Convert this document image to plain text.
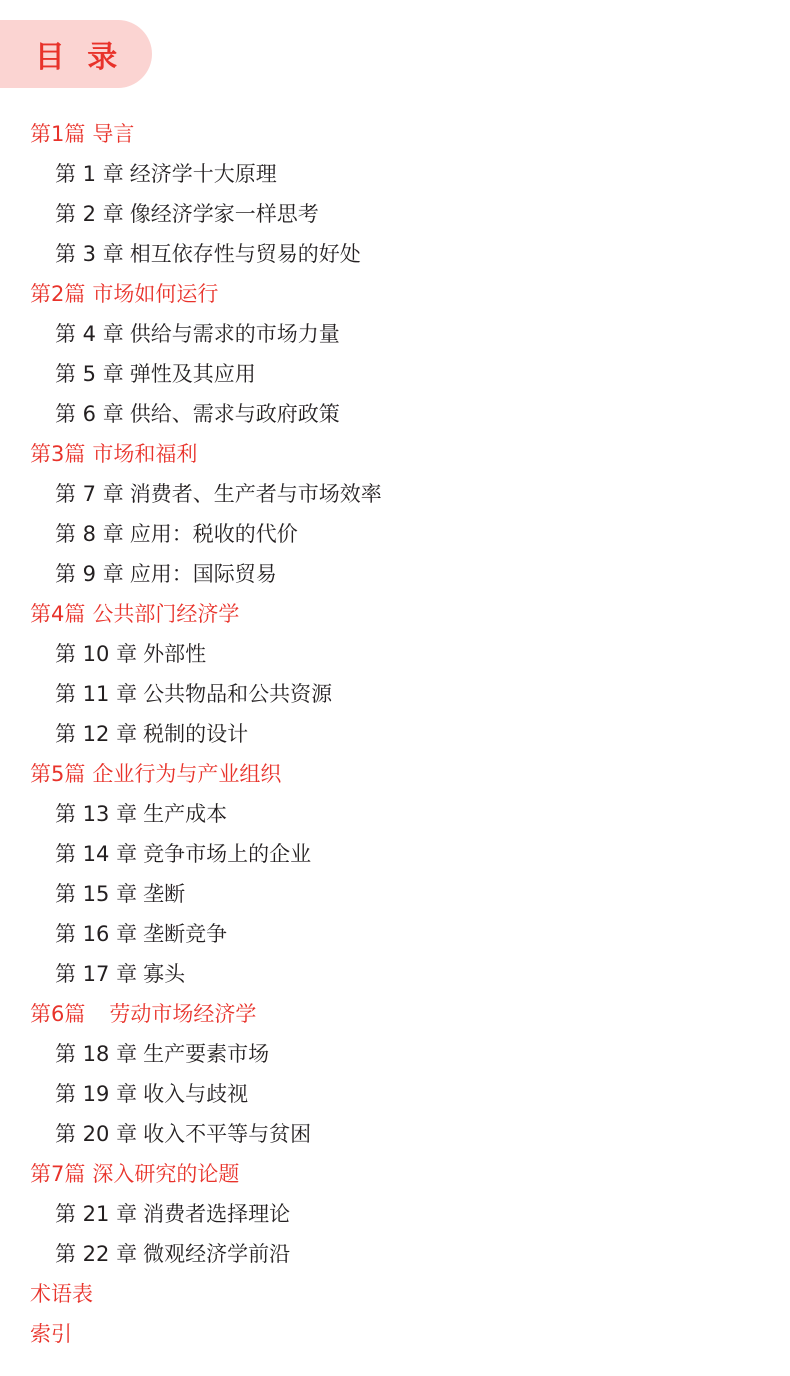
目 录
第1篇 导言
第 1 章 经济学十大原理
第 2 章 像经济学家一样思考
第 3 章 相互依存性与贸易的好处
第2篇 市场如何运行
第 4 章 供给与需求的市场力量
第 5 章 弹性及其应用
第 6 章 供给、需求与政府政策
第3篇 市场和福利
第 7 章 消费者、生产者与市场效率
第 8 章 应用：税收的代价
第 9 章 应用：国际贸易
第4篇 公共部门经济学
第 10 章 外部性
第 11 章 公共物品和公共资源
第 12 章 税制的设计
第5篇 企业行为与产业组织
第 13 章 生产成本
第 14 章 竞争市场上的企业
第 15 章 垄断
第 16 章 垄断竞争
第 17 章 寡头
第6篇 劳动市场经济学
第 18 章 生产要素市场
第 19 章 收入与歧视
第 20 章 收入不平等与贫困
第7篇 深入研究的论题
第 21 章 消费者选择理论
第 22 章 微观经济学前沿
术语表
索引
